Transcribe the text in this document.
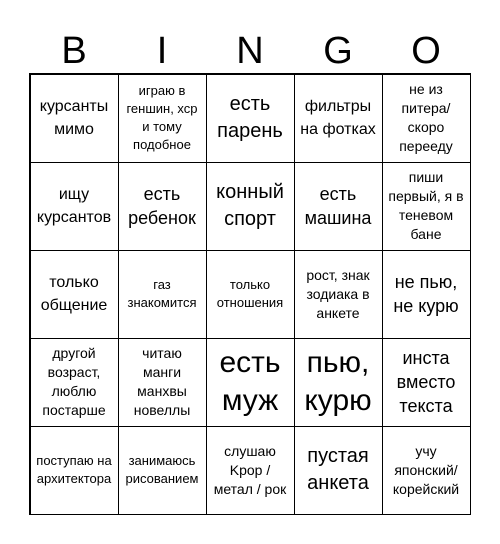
B	I	N	G	O
курсанты мимо
играю в геншин, хср и тому подобное
есть парень
фильтры на фотках
не из питера/ скоро перееду
ищу курсантов
есть ребенок
конный спорт
есть машина
пиши первый, я в теневом бане
только общение
газ знакомится
только отношения
рост, знак зодиака в анкете
не пью, не курю
другой возраст, люблю постарше
читаю манги манхвы новеллы
есть муж
пью, курю
инста вместо текста
поступаю на архитектора
занимаюсь рисованием
слушаю Kpop / метал / рок
пустая анкета
учу японский/ корейский
